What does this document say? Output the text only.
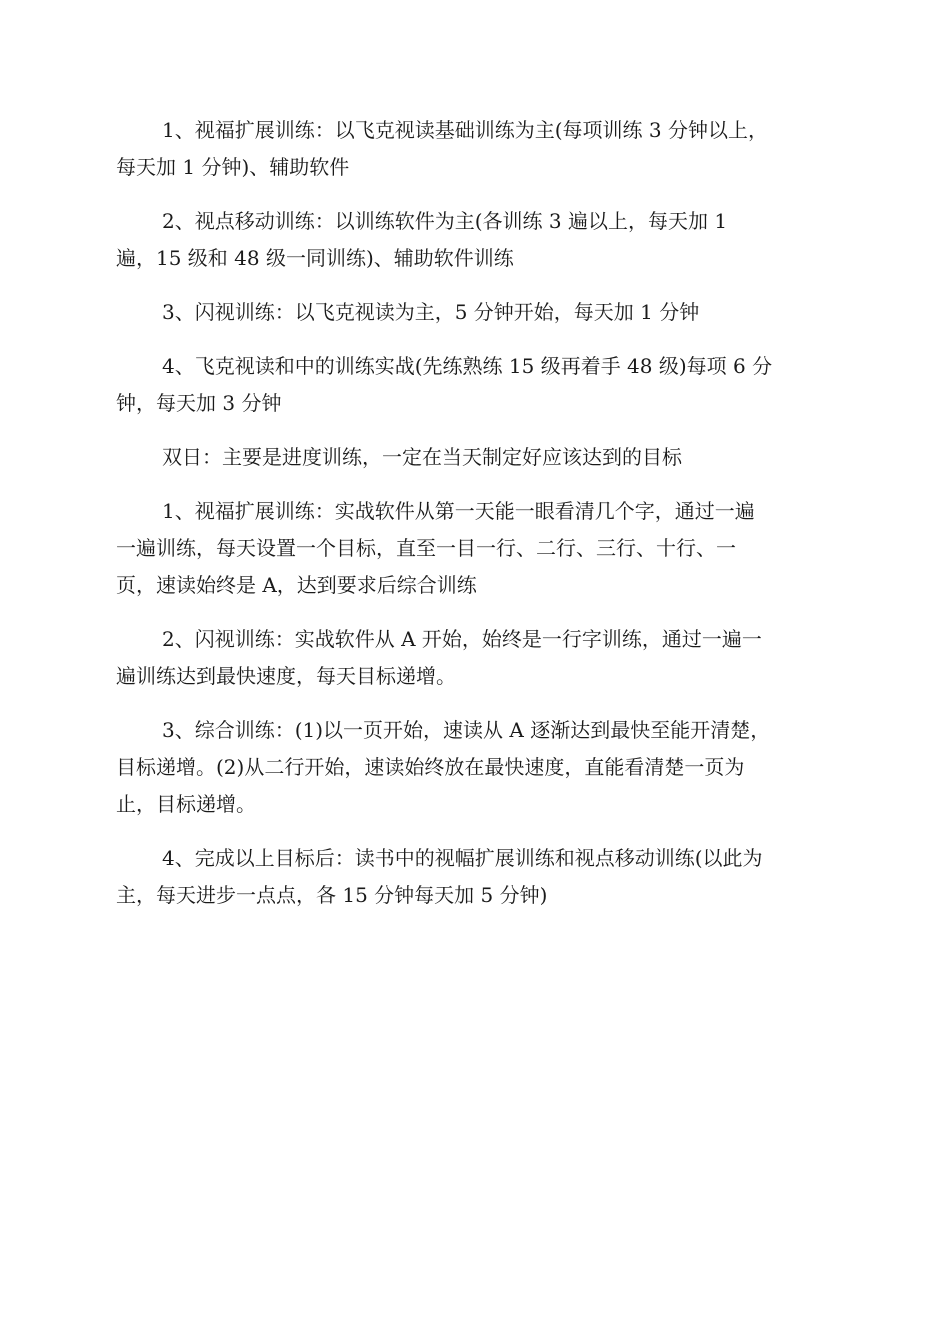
1、视福扩展训练：以飞克视读基础训练为主(每项训练 3 分钟以上，
每天加 1 分钟)、辅助软件

2、视点移动训练：以训练软件为主(各训练 3 遍以上，每天加 1
遍，15 级和 48 级一同训练)、辅助软件训练

3、闪视训练：以飞克视读为主，5 分钟开始，每天加 1 分钟

4、飞克视读和中的训练实战(先练熟练 15 级再着手 48 级)每项 6 分
钟，每天加 3 分钟

双日：主要是进度训练，一定在当天制定好应该达到的目标

1、视福扩展训练：实战软件从第一天能一眼看清几个字，通过一遍
一遍训练，每天设置一个目标，直至一目一行、二行、三行、十行、一
页，速读始终是 A，达到要求后综合训练

2、闪视训练：实战软件从 A 开始，始终是一行字训练，通过一遍一
遍训练达到最快速度，每天目标递增。

3、综合训练：(1)以一页开始，速读从 A 逐渐达到最快至能开清楚，
目标递增。(2)从二行开始，速读始终放在最快速度，直能看清楚一页为
止，目标递增。

4、完成以上目标后：读书中的视幅扩展训练和视点移动训练(以此为
主，每天进步一点点，各 15 分钟每天加 5 分钟)
